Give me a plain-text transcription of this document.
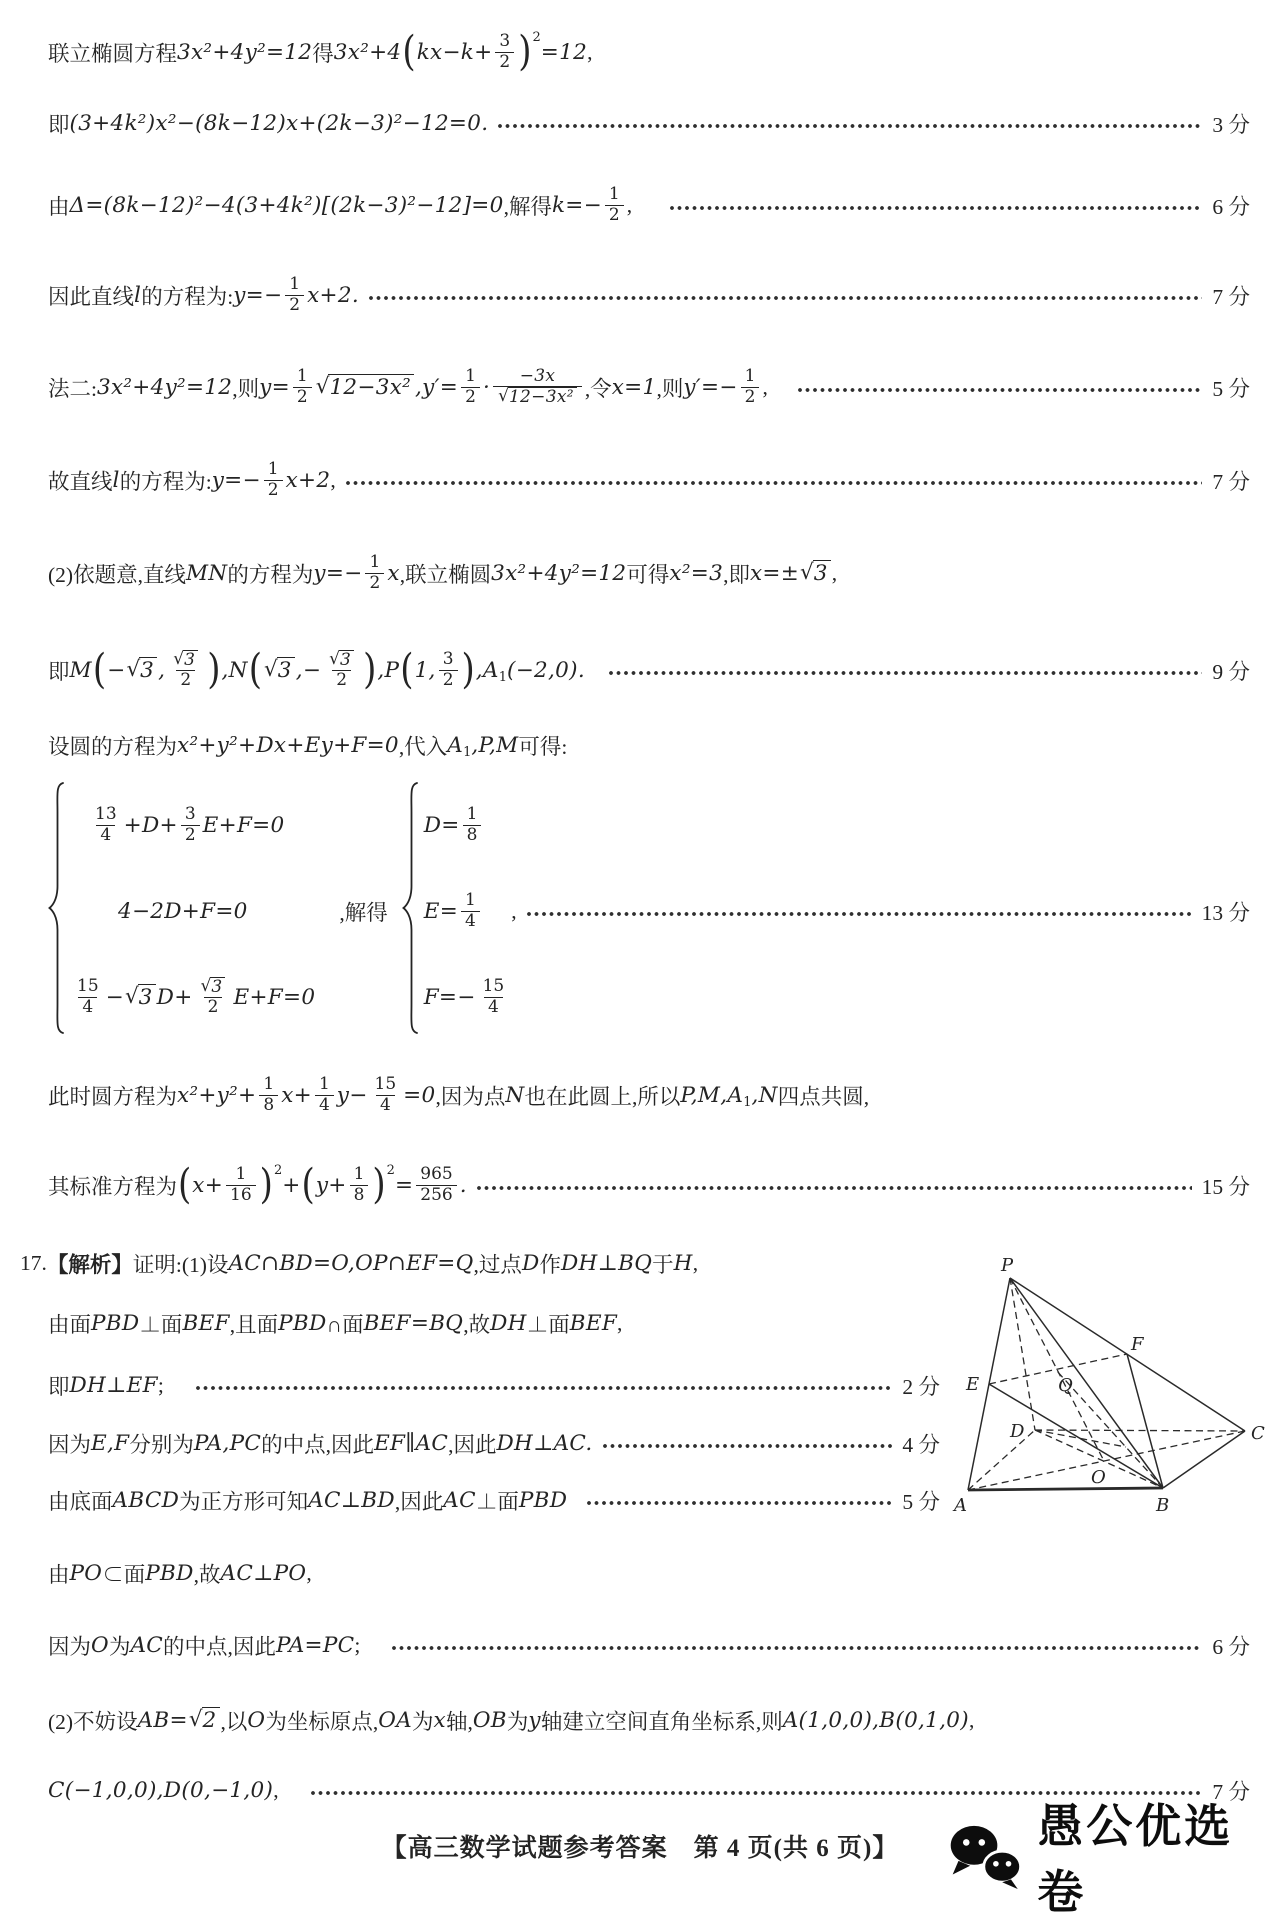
联立椭圆方程 3x²+4y²=12 得 3x²+4 ( $kx-k+ \frac{3}{2}$ ) 2
=12 ,
即 (3+4k²)x²−(8k−12)x+(2k−3)²−12=0.	3 分
由 Δ=(8k−12)²−4(3+4k²)[(2k−3)²−12]=0 ,解得 $k=- \frac{1}{2}$ ,	6 分
因此直线 l 的方程为: $y=- \frac{1}{2} x+2$.	7 分
法二: 3x²+4y²=12 ,则 $y= \frac{1}{2}$ √ 12−3x² $,y'= \frac{1}{2} \cdot \frac{-3x}{\text{√ 12−3x²}}$ ,令 x=1 ,则 $y'=- \frac{1}{2}$ ,	5 分
故直线 l 的方程为: $y=- \frac{1}{2} x+2$ ,	7 分
(2)依题意,直线 MN 的方程为 $y=- \frac{1}{2}$ x ,联立椭圆 3x²+4y²=12 可得 x²=3 ,即 x=± √ 3 ,
即 M ( − √ 3 , $\frac{√ 3}{2}$ ) ,N ( √ 3 ,− $\frac{√ 3}{2}$ ) ,P ( 1, $\frac{3}{2}$ ) ,A 1 (−2,0).	9 分
设圆的方程为 x²+y²+Dx+Ey+F=0 ,代入 A 1 ,P,M 可得:
$\frac{13}{4} +D+ \frac{3}{2} E+F=0$
4−2D+F=0
$\frac{15}{4}$ − √ 3 $D+ \frac{√ 3}{2} E+F=0$
,解得
$D= \frac{1}{8}$
$E= \frac{1}{4}$
$F=- \frac{15}{4}$
,	13 分
此时圆方程为 $x^2+y^2+ \frac{1}{8} x+ \frac{1}{4} y- \frac{15}{4} =0$ ,因为点 N 也在此圆上,所以 P,M,A 1 ,N 四点共圆,
其标准方程为 ( $x+ \frac{1}{16}$ ) 2
+ ( $y+ \frac{1}{8}$ ) 2
= $\frac{965}{256}$ .	15 分
17. 【解析】 证明:(1)设 AC∩BD=O,OP∩EF=Q ,过点 D 作 DH⊥BQ 于 H ,
由面 PBD ⊥面 BEF ,且面 PBD ∩面 BEF=BQ ,故 DH ⊥面 BEF ,
即 DH⊥EF ;	2 分
因为 E,F 分别为 PA,PC 的中点,因此 EF∥AC ,因此 DH⊥AC.	4 分
由底面 ABCD 为正方形可知 AC⊥BD ,因此 AC ⊥面 PBD	5 分
由 PO ⊂面 PBD ,故 AC⊥PO ,
因为 O 为 AC 的中点,因此 PA=PC ;	6 分
(2)不妨设 AB= √ 2 ,以 O 为坐标原点, OA 为 x 轴, OB 为 y 轴建立空间直角坐标系,则 A(1,0,0),B(0,1,0) ,
C(−1,0,0),D(0,−1,0) ,	7 分
P
A	B
C
D
E
F
O
Q
愚公优选卷
【高三数学试题参考答案　第 4 页(共 6 页)】
